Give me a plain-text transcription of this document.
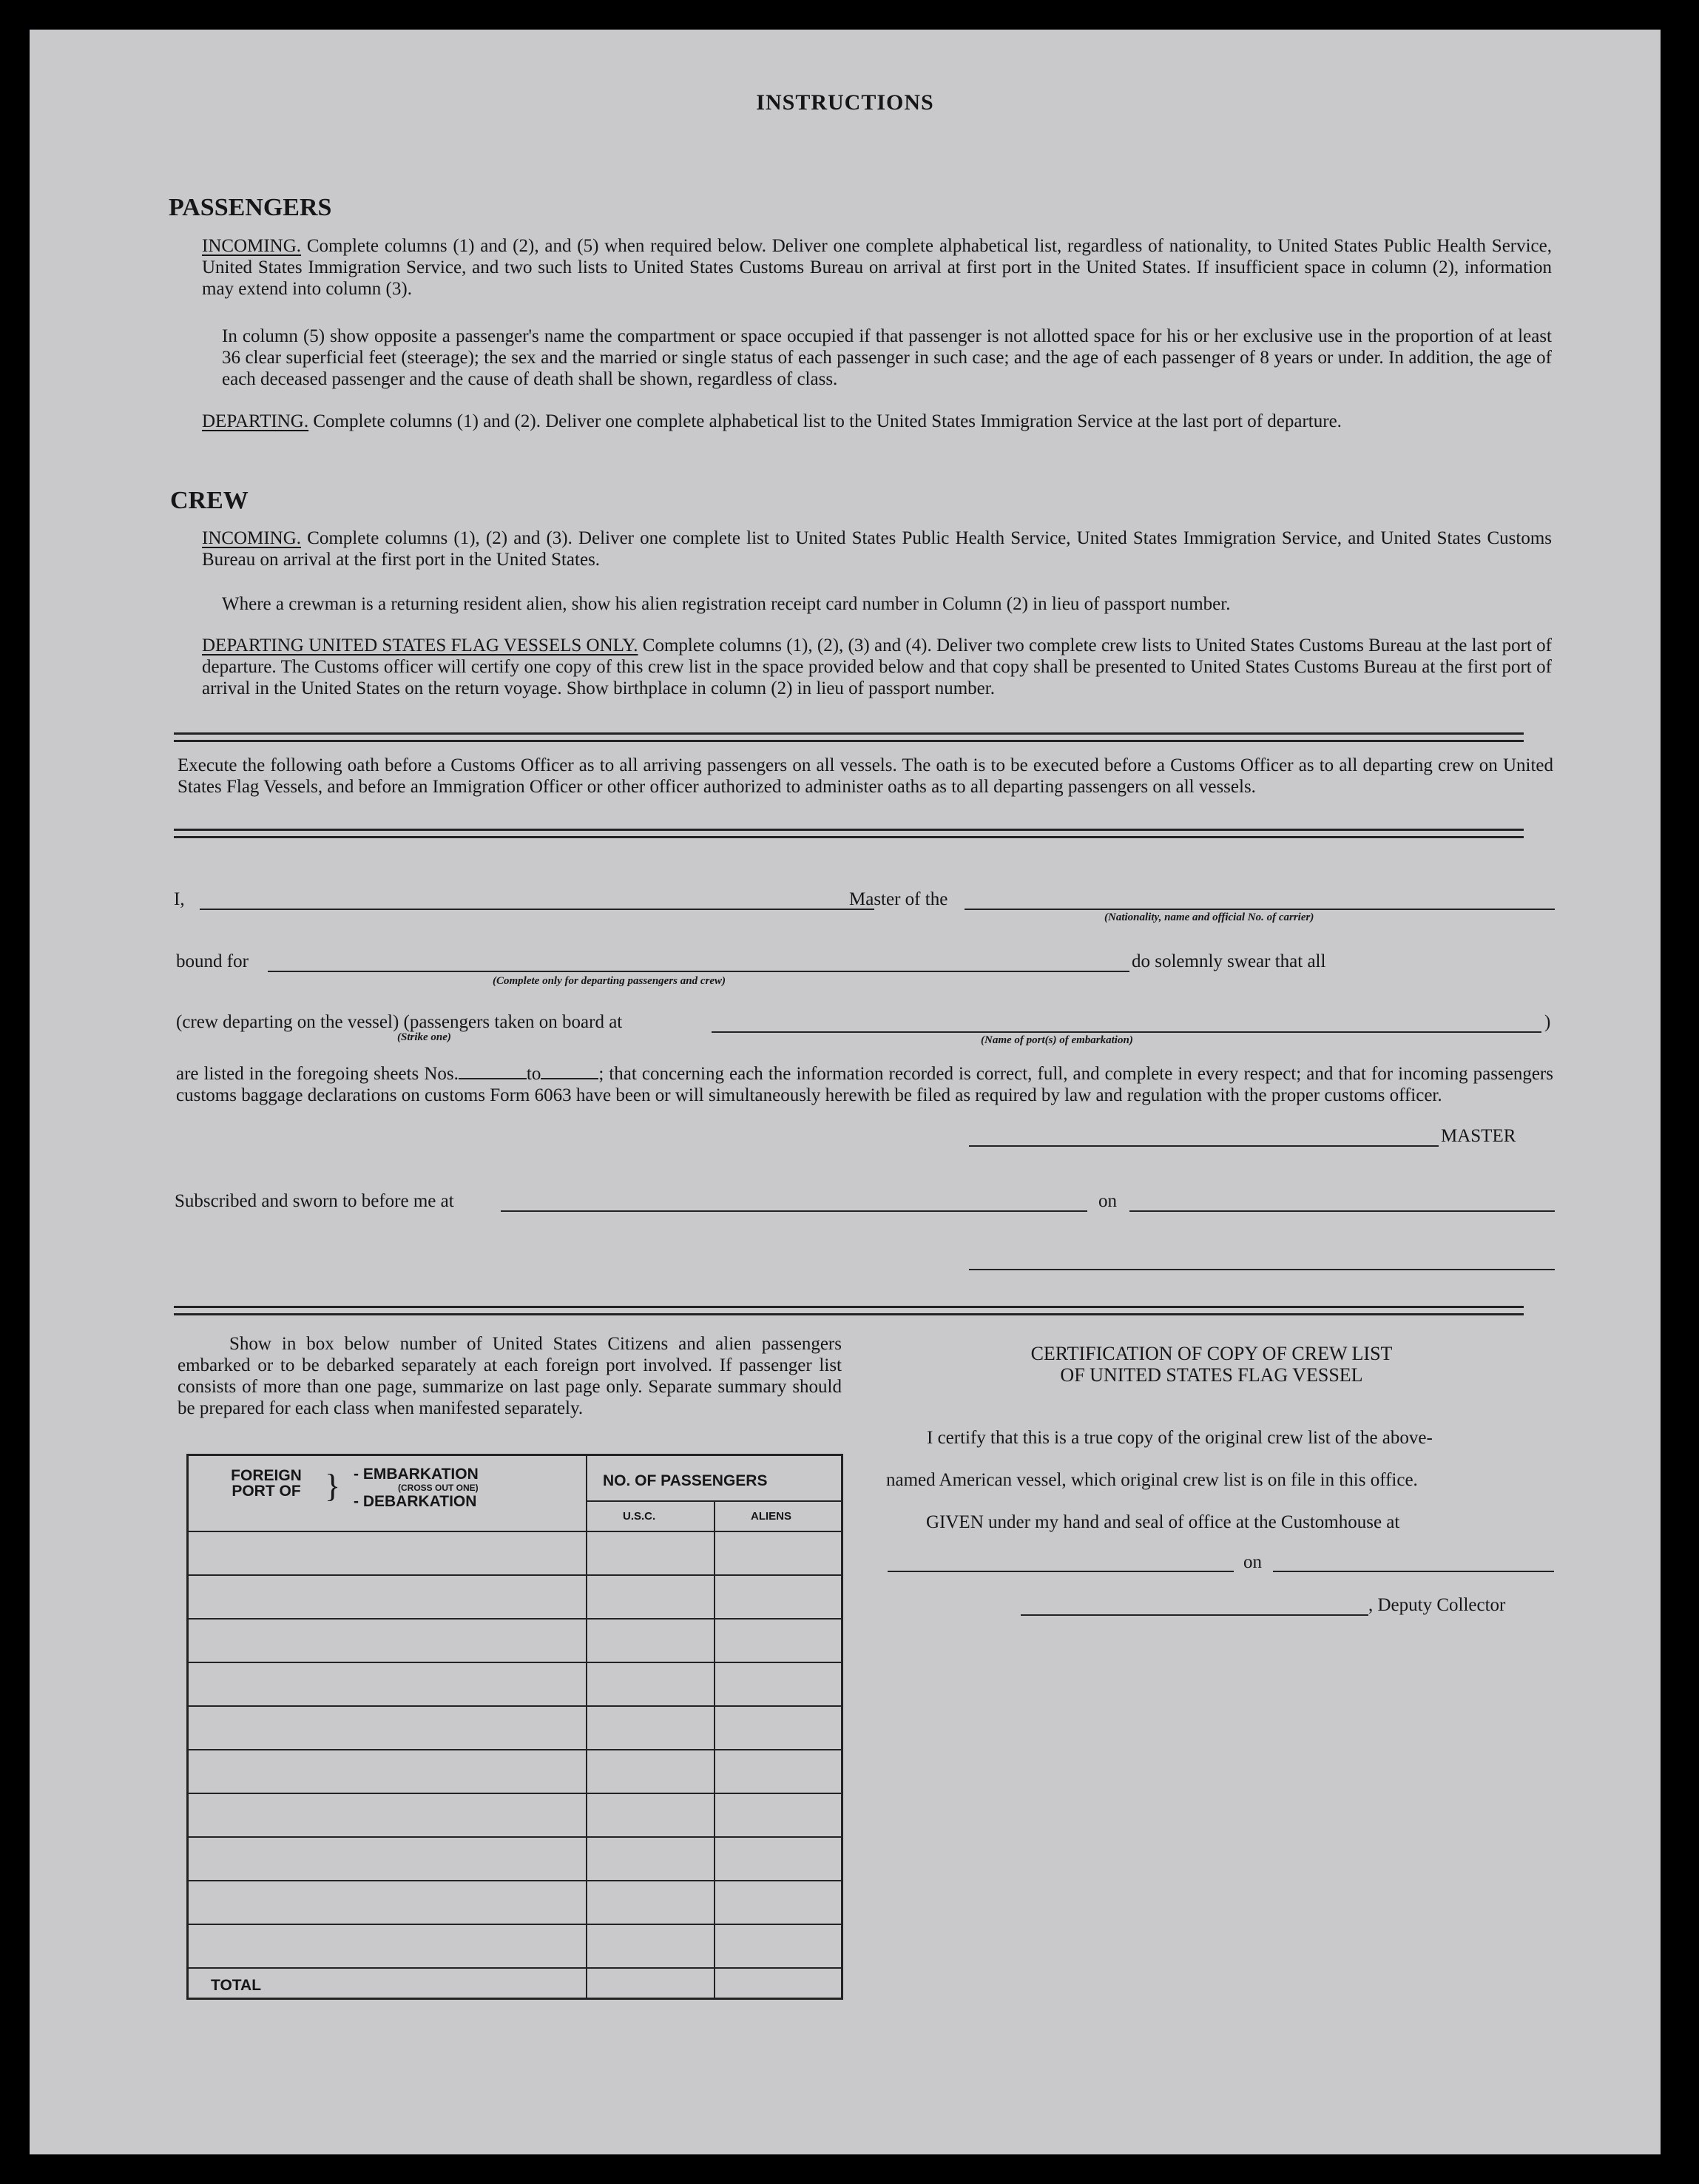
INSTRUCTIONS
PASSENGERS
INCOMING. Complete columns (1) and (2), and (5) when required below. Deliver one complete alphabetical list, regardless of nationality, to United States Public Health Service, United States Immigration Service, and two such lists to United States Customs Bureau on arrival at first port in the United States. If insufficient space in column (2), information may extend into column (3).
In column (5) show opposite a passenger's name the compartment or space occupied if that passenger is not allotted space for his or her exclusive use in the proportion of at least 36 clear superficial feet (steerage); the sex and the married or single status of each passenger in such case; and the age of each passenger of 8 years or under. In addition, the age of each deceased passenger and the cause of death shall be shown, regardless of class.
DEPARTING. Complete columns (1) and (2). Deliver one complete alphabetical list to the United States Immigration Service at the last port of departure.
CREW
INCOMING. Complete columns (1), (2) and (3). Deliver one complete list to United States Public Health Service, United States Immigration Service, and United States Customs Bureau on arrival at the first port in the United States.
Where a crewman is a returning resident alien, show his alien registration receipt card number in Column (2) in lieu of passport number.
DEPARTING UNITED STATES FLAG VESSELS ONLY. Complete columns (1), (2), (3) and (4). Deliver two complete crew lists to United States Customs Bureau at the last port of departure. The Customs officer will certify one copy of this crew list in the space provided below and that copy shall be presented to United States Customs Bureau at the first port of arrival in the United States on the return voyage. Show birthplace in column (2) in lieu of passport number.
Execute the following oath before a Customs Officer as to all arriving passengers on all vessels. The oath is to be executed before a Customs Officer as to all departing crew on United States Flag Vessels, and before an Immigration Officer or other officer authorized to administer oaths as to all departing passengers on all vessels.
I,	Master of the
(Nationality, name and official No. of carrier)
bound for
(Complete only for departing passengers and crew)
do solemnly swear that all
(crew departing on the vessel) (passengers taken on board at	)
(Strike one)	(Name of port(s) of embarkation)
are listed in the foregoing sheets Nos.	to	; that concerning each the information recorded is correct, full, and complete in every respect; and that for incoming passengers customs baggage declarations on customs Form 6063 have been or will simultaneously herewith be filed as required by law and regulation with the proper customs officer.
MASTER
Subscribed and sworn to before me at	on
Show in box below number of United States Citizens and alien passengers embarked or to be debarked separately at each foreign port involved. If passenger list consists of more than one page, summarize on last page only. Separate summary should be prepared for each class when manifested separately.
FOREIGN PORT OF } - EMBARKATION
(CROSS OUT ONE)
- DEBARKATION
NO. OF PASSENGERS
U.S.C.	ALIENS
TOTAL
CERTIFICATION OF COPY OF CREW LIST
OF UNITED STATES FLAG VESSEL
I certify that this is a true copy of the original crew list of the above-
named American vessel, which original crew list is on file in this office.
GIVEN under my hand and seal of office at the Customhouse at
on
, Deputy Collector
